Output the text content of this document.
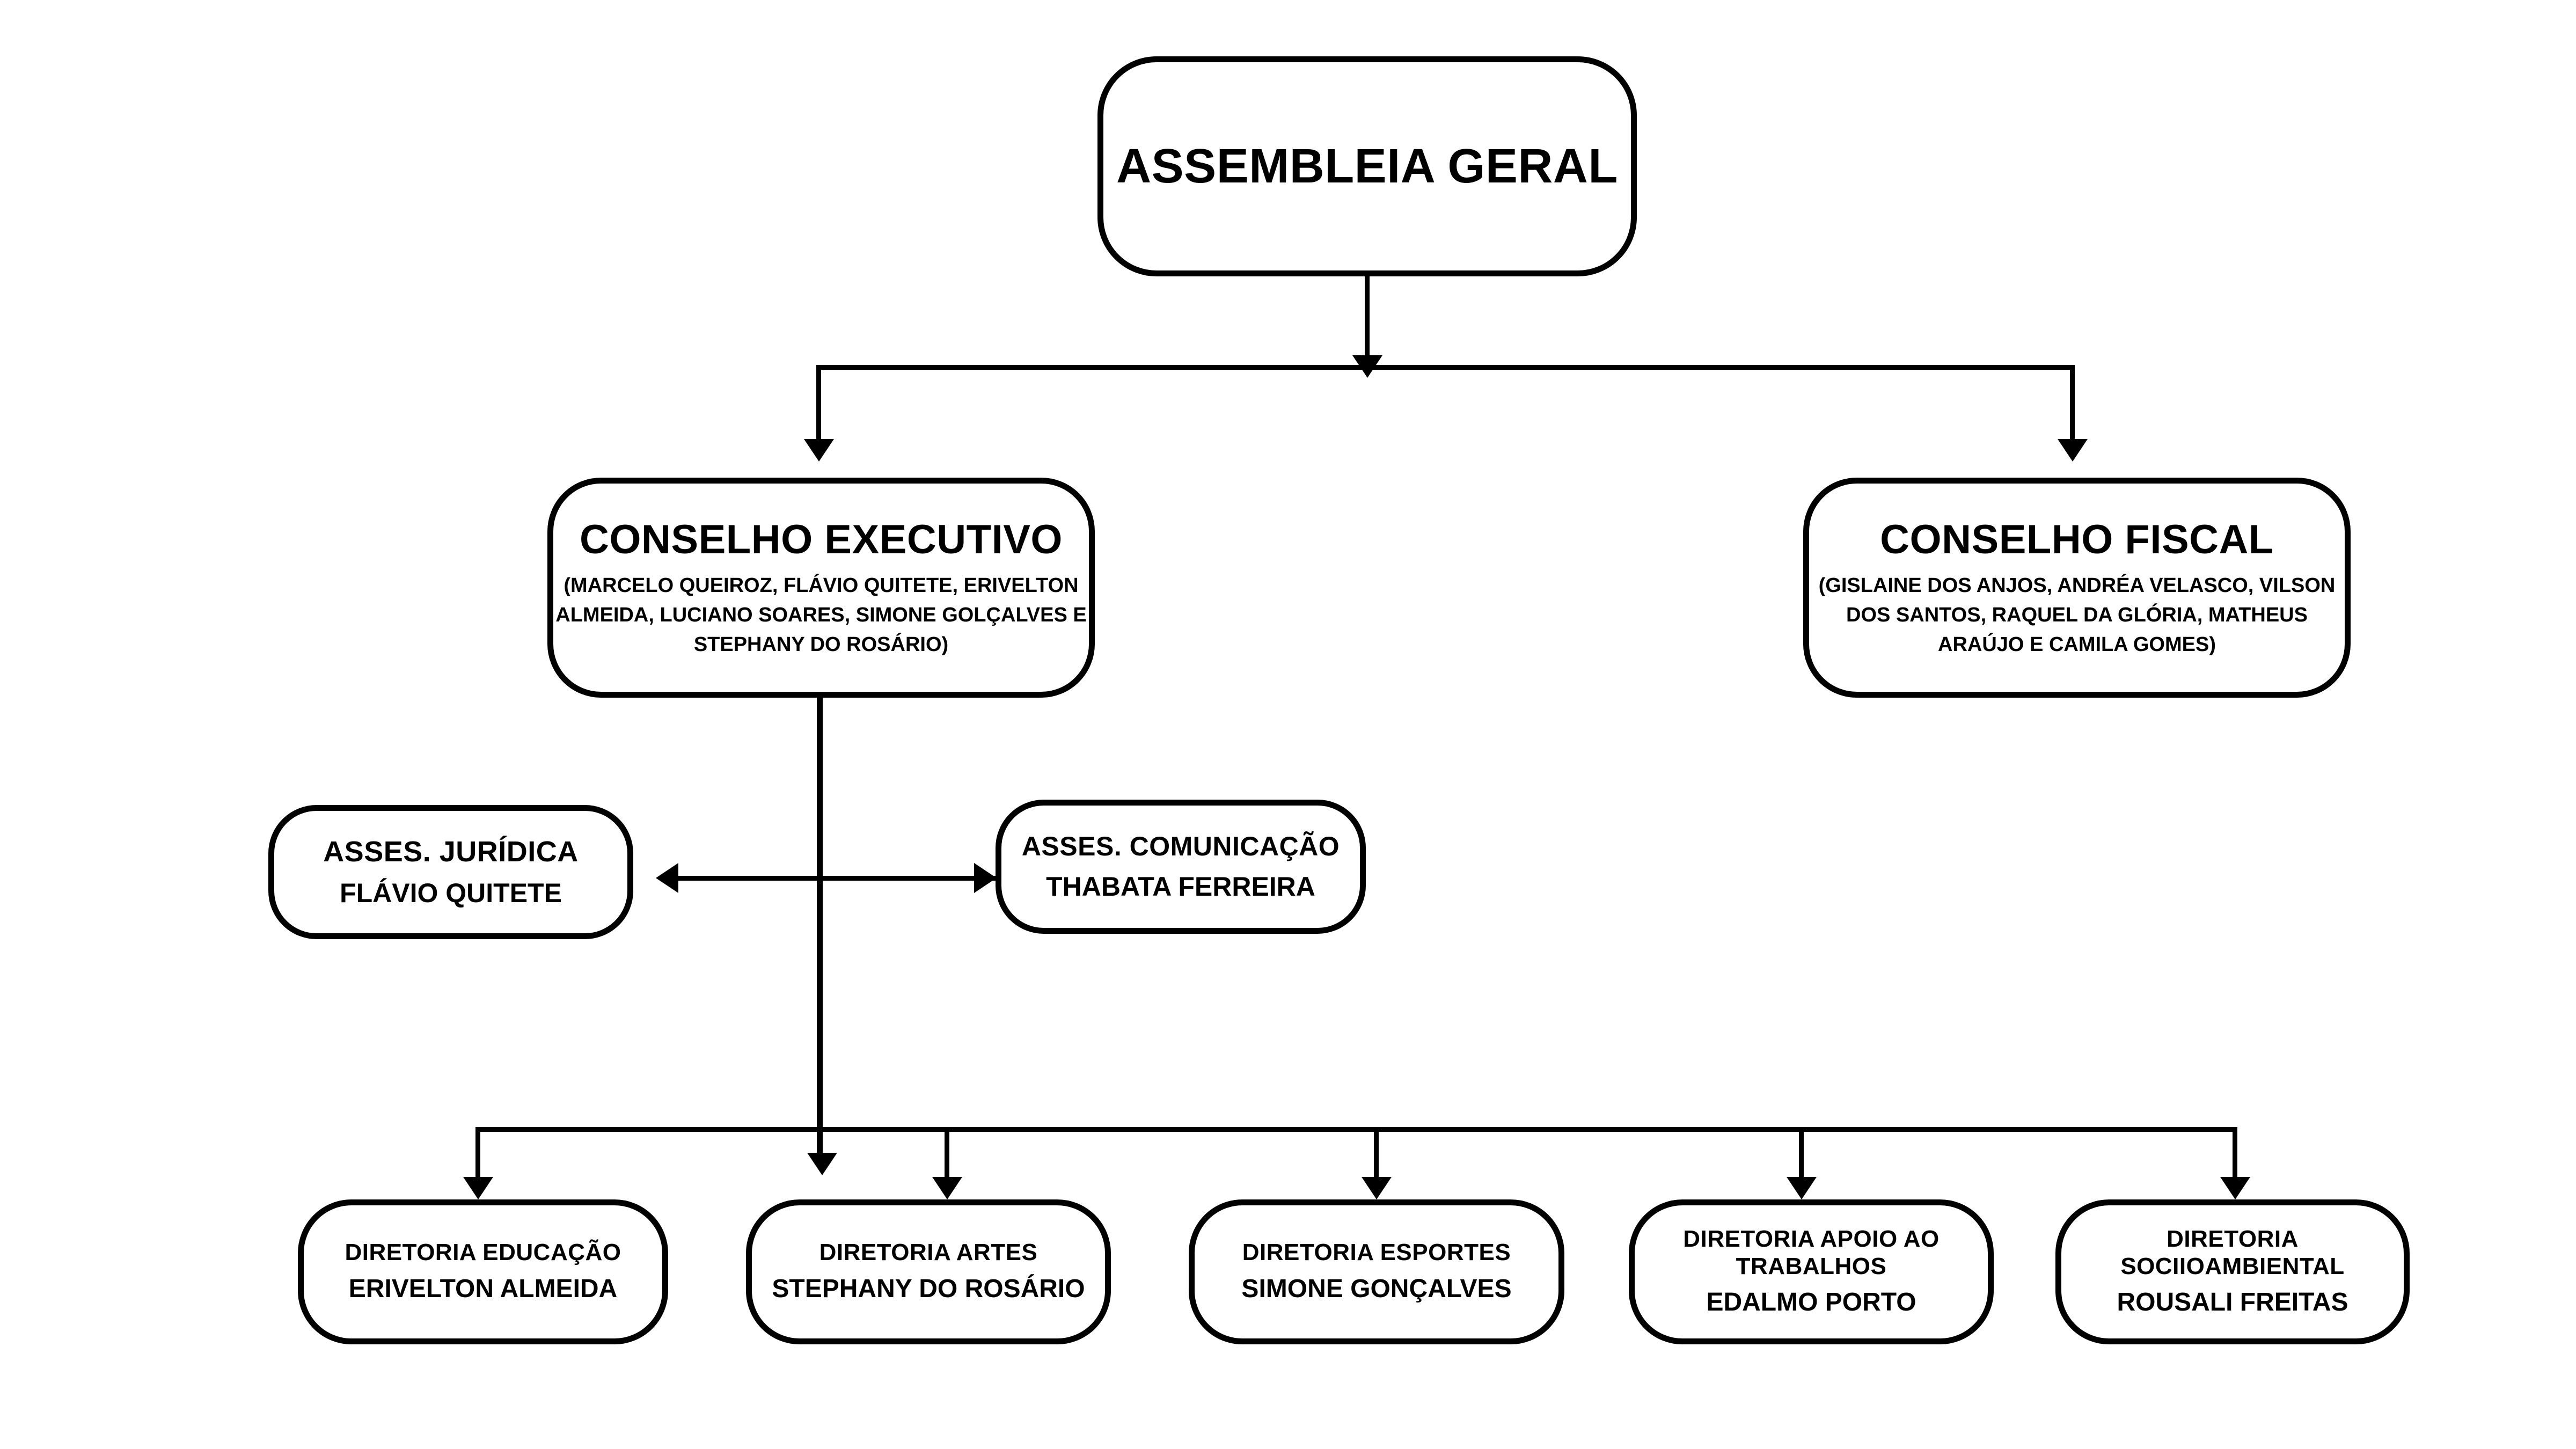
ASSEMBLEIA GERAL
CONSELHO EXECUTIVO
(MARCELO QUEIROZ, FLÁVIO QUITETE, ERIVELTON ALMEIDA, LUCIANO SOARES, SIMONE GOLÇALVES E STEPHANY DO ROSÁRIO)
CONSELHO FISCAL
(GISLAINE DOS ANJOS, ANDRÉA VELASCO, VILSON DOS SANTOS, RAQUEL DA GLÓRIA, MATHEUS ARAÚJO E CAMILA GOMES)
ASSES. JURÍDICA
FLÁVIO QUITETE
ASSES. COMUNICAÇÃO
THABATA FERREIRA
DIRETORIA EDUCAÇÃO
ERIVELTON ALMEIDA
DIRETORIA ARTES
STEPHANY DO ROSÁRIO
DIRETORIA ESPORTES
SIMONE GONÇALVES
DIRETORIA APOIO AO TRABALHOS
EDALMO PORTO
DIRETORIA SOCIIOAMBIENTAL
ROUSALI FREITAS
